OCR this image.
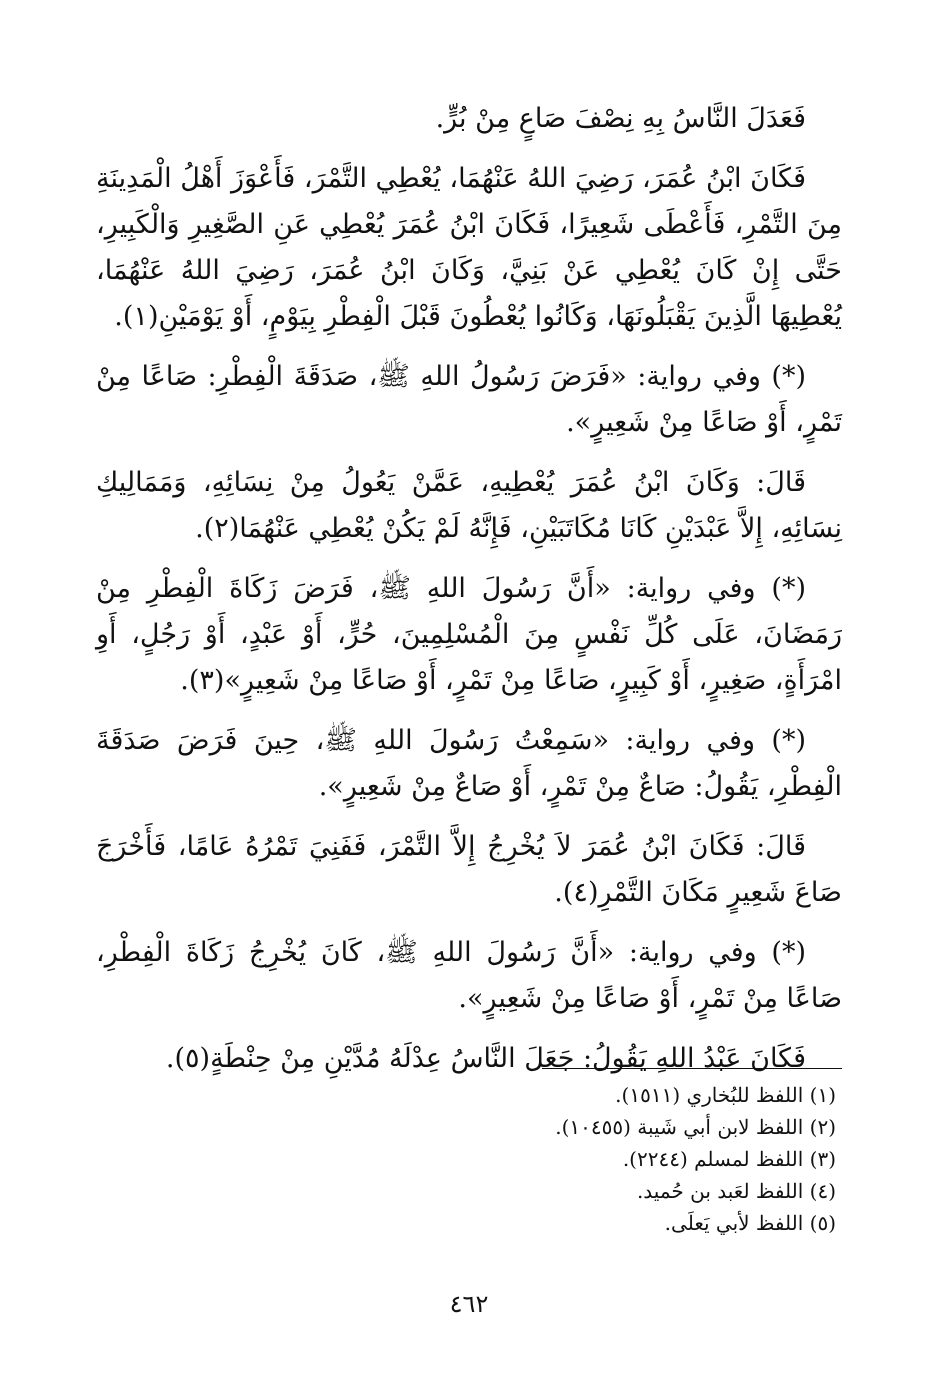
فَعَدَلَ النَّاسُ بِهِ نِصْفَ صَاعٍ مِنْ بُرٍّ.

فَكَانَ ابْنُ عُمَرَ، رَضِيَ اللهُ عَنْهُمَا، يُعْطِي التَّمْرَ، فَأَعْوَزَ أَهْلُ الْمَدِينَةِ مِنَ التَّمْرِ، فَأَعْطَى شَعِيرًا، فَكَانَ ابْنُ عُمَرَ يُعْطِي عَنِ الصَّغِيرِ وَالْكَبِيرِ، حَتَّى إِنْ كَانَ يُعْطِي عَنْ بَنِيَّ، وَكَانَ ابْنُ عُمَرَ، رَضِيَ اللهُ عَنْهُمَا، يُعْطِيهَا الَّذِينَ يَقْبَلُونَهَا، وَكَانُوا يُعْطُونَ قَبْلَ الْفِطْرِ بِيَوْمٍ، أَوْ يَوْمَيْنِ(١).

(*) وفي رواية: «فَرَضَ رَسُولُ اللهِ ﷺ، صَدَقَةَ الْفِطْرِ: صَاعًا مِنْ تَمْرٍ، أَوْ صَاعًا مِنْ شَعِيرٍ».

قَالَ: وَكَانَ ابْنُ عُمَرَ يُعْطِيهِ، عَمَّنْ يَعُولُ مِنْ نِسَائِهِ، وَمَمَالِيكِ نِسَائِهِ، إِلاَّ عَبْدَيْنِ كَانَا مُكَاتَبَيْنِ، فَإِنَّهُ لَمْ يَكُنْ يُعْطِي عَنْهُمَا(٢).

(*) وفي رواية: «أَنَّ رَسُولَ اللهِ ﷺ، فَرَضَ زَكَاةَ الْفِطْرِ مِنْ رَمَضَانَ، عَلَى كُلِّ نَفْسٍ مِنَ الْمُسْلِمِينَ، حُرٍّ، أَوْ عَبْدٍ، أَوْ رَجُلٍ، أَوِ امْرَأَةٍ، صَغِيرٍ، أَوْ كَبِيرٍ، صَاعًا مِنْ تَمْرٍ، أَوْ صَاعًا مِنْ شَعِيرٍ»(٣).

(*) وفي رواية: «سَمِعْتُ رَسُولَ اللهِ ﷺ، حِينَ فَرَضَ صَدَقَةَ الْفِطْرِ، يَقُولُ: صَاعٌ مِنْ تَمْرٍ، أَوْ صَاعٌ مِنْ شَعِيرٍ».

قَالَ: فَكَانَ ابْنُ عُمَرَ لاَ يُخْرِجُ إِلاَّ التَّمْرَ، فَفَنِيَ تَمْرُهُ عَامًا، فَأَخْرَجَ صَاعَ شَعِيرٍ مَكَانَ التَّمْرِ(٤).

(*) وفي رواية: «أَنَّ رَسُولَ اللهِ ﷺ، كَانَ يُخْرِجُ زَكَاةَ الْفِطْرِ، صَاعًا مِنْ تَمْرٍ، أَوْ صَاعًا مِنْ شَعِيرٍ».

فَكَانَ عَبْدُ اللهِ يَقُولُ: جَعَلَ النَّاسُ عِدْلَهُ مُدَّيْنِ مِنْ حِنْطَةٍ(٥).

(١) اللفظ للبُخاري (١٥١١).

(٢) اللفظ لابن أبي شَيبة (١٠٤٥٥).

(٣) اللفظ لمسلم (٢٢٤٤).

(٤) اللفظ لعَبد بن حُميد.

(٥) اللفظ لأبي يَعلَى.

٤٦٢
